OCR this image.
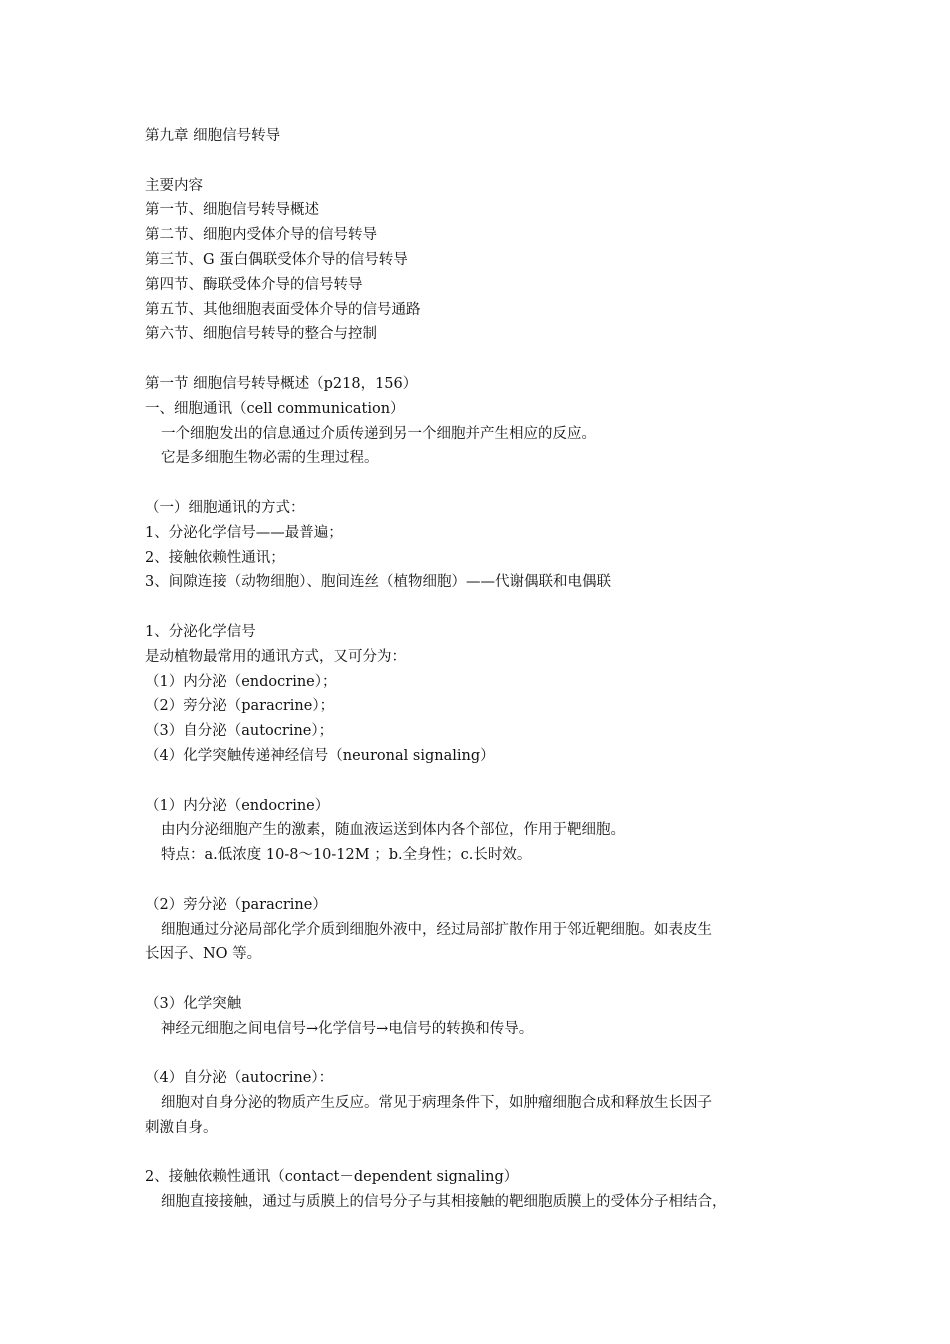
第九章 细胞信号转导
主要内容
第一节、细胞信号转导概述
第二节、细胞内受体介导的信号转导
第三节、G 蛋白偶联受体介导的信号转导
第四节、酶联受体介导的信号转导
第五节、其他细胞表面受体介导的信号通路
第六节、细胞信号转导的整合与控制
第一节 细胞信号转导概述（p218，156）
一、细胞通讯（cell communication）
一个细胞发出的信息通过介质传递到另一个细胞并产生相应的反应。
它是多细胞生物必需的生理过程。
（一）细胞通讯的方式：
1、分泌化学信号——最普遍；
2、接触依赖性通讯；
3、间隙连接（动物细胞）、胞间连丝（植物细胞）——代谢偶联和电偶联
1、分泌化学信号
是动植物最常用的通讯方式，又可分为：
（1）内分泌（endocrine）；
（2）旁分泌（paracrine）；
（3）自分泌（autocrine）；
（4）化学突触传递神经信号（neuronal signaling）
（1）内分泌（endocrine）
由内分泌细胞产生的激素，随血液运送到体内各个部位，作用于靶细胞。
特点：a.低浓度 10-8～10-12M ；b.全身性；c.长时效。
（2）旁分泌（paracrine）
细胞通过分泌局部化学介质到细胞外液中，经过局部扩散作用于邻近靶细胞。如表皮生
长因子、NO 等。
（3）化学突触
神经元细胞之间电信号→化学信号→电信号的转换和传导。
（4）自分泌（autocrine）：
细胞对自身分泌的物质产生反应。常见于病理条件下，如肿瘤细胞合成和释放生长因子
刺激自身。
2、接触依赖性通讯（contact－dependent signaling）
细胞直接接触，通过与质膜上的信号分子与其相接触的靶细胞质膜上的受体分子相结合，
